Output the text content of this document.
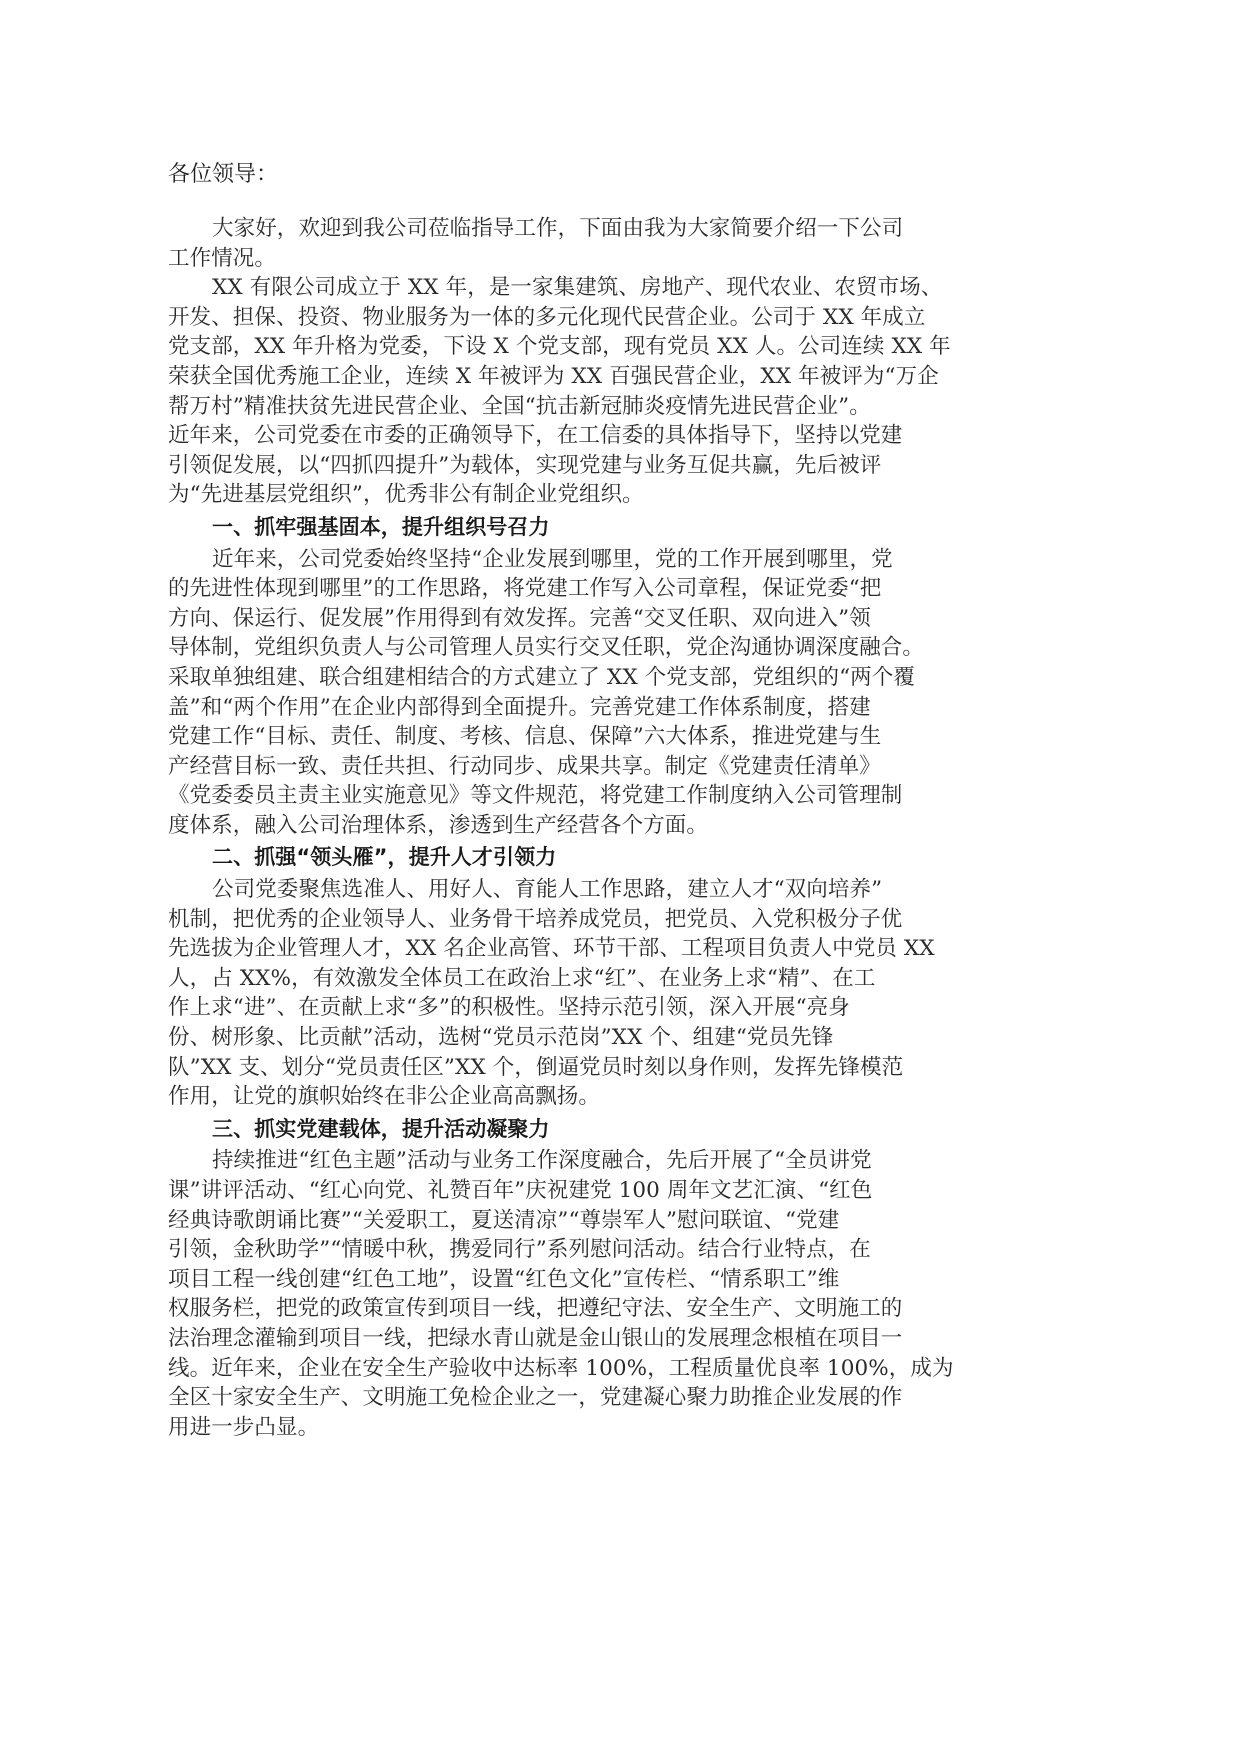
各位领导：
大家好，欢迎到我公司莅临指导工作，下面由我为大家简要介绍一下公司
工作情况。
XX 有限公司成立于 XX 年，是一家集建筑、房地产、现代农业、农贸市场、
开发、担保、投资、物业服务为一体的多元化现代民营企业。公司于 XX 年成立
党支部，XX 年升格为党委，下设 X 个党支部，现有党员 XX 人。公司连续 XX 年
荣获全国优秀施工企业，连续 X 年被评为 XX 百强民营企业，XX 年被评为“万企
帮万村”精准扶贫先进民营企业、全国“抗击新冠肺炎疫情先进民营企业”。
近年来，公司党委在市委的正确领导下，在工信委的具体指导下，坚持以党建
引领促发展，以“四抓四提升”为载体，实现党建与业务互促共赢，先后被评
为“先进基层党组织”，优秀非公有制企业党组织。
一、抓牢强基固本，提升组织号召力
近年来，公司党委始终坚持“企业发展到哪里，党的工作开展到哪里，党
的先进性体现到哪里”的工作思路，将党建工作写入公司章程，保证党委“把
方向、保运行、促发展”作用得到有效发挥。完善“交叉任职、双向进入”领
导体制，党组织负责人与公司管理人员实行交叉任职，党企沟通协调深度融合。
采取单独组建、联合组建相结合的方式建立了 XX 个党支部，党组织的“两个覆
盖”和“两个作用”在企业内部得到全面提升。完善党建工作体系制度，搭建
党建工作“目标、责任、制度、考核、信息、保障”六大体系，推进党建与生
产经营目标一致、责任共担、行动同步、成果共享。制定《党建责任清单》
《党委委员主责主业实施意见》等文件规范，将党建工作制度纳入公司管理制
度体系，融入公司治理体系，渗透到生产经营各个方面。
二、抓强“领头雁”，提升人才引领力
公司党委聚焦选准人、用好人、育能人工作思路，建立人才“双向培养”
机制，把优秀的企业领导人、业务骨干培养成党员，把党员、入党积极分子优
先选拔为企业管理人才，XX 名企业高管、环节干部、工程项目负责人中党员 XX
人，占 XX%，有效激发全体员工在政治上求“红”、在业务上求“精”、在工
作上求“进”、在贡献上求“多”的积极性。坚持示范引领，深入开展“亮身
份、树形象、比贡献”活动，选树“党员示范岗”XX 个、组建“党员先锋
队”XX 支、划分“党员责任区”XX 个，倒逼党员时刻以身作则，发挥先锋模范
作用，让党的旗帜始终在非公企业高高飘扬。
三、抓实党建载体，提升活动凝聚力
持续推进“红色主题”活动与业务工作深度融合，先后开展了“全员讲党
课”讲评活动、“红心向党、礼赞百年”庆祝建党 100 周年文艺汇演、“红色
经典诗歌朗诵比赛”“关爱职工，夏送清凉”“尊崇军人”慰问联谊、“党建
引领，金秋助学”“情暖中秋，携爱同行”系列慰问活动。结合行业特点，在
项目工程一线创建“红色工地”，设置“红色文化”宣传栏、“情系职工”维
权服务栏，把党的政策宣传到项目一线，把遵纪守法、安全生产、文明施工的
法治理念灌输到项目一线，把绿水青山就是金山银山的发展理念根植在项目一
线。近年来，企业在安全生产验收中达标率 100%，工程质量优良率 100%，成为
全区十家安全生产、文明施工免检企业之一，党建凝心聚力助推企业发展的作
用进一步凸显。
